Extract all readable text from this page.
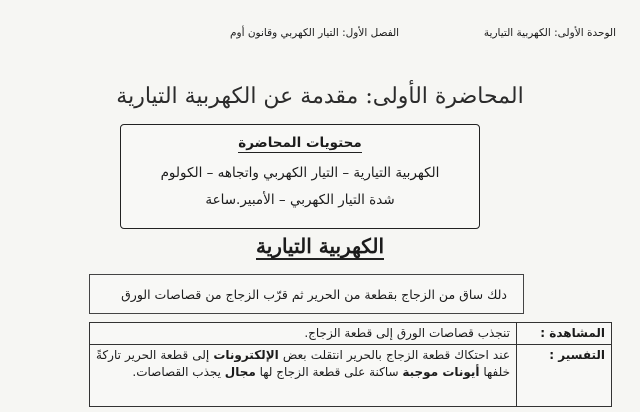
الوحدة الأولى: الكهربية التيارية
الفصل الأول: التيار الكهربي وقانون أوم
المحاضرة الأولى: مقدمة عن الكهربية التيارية
محتويات المحاضرة
الكهربية التيارية – التيار الكهربي واتجاهه – الكولوم
شدة التيار الكهربي – الأمبير.ساعة
الكهربية التيارية
دلك ساق من الزجاج بقطعة من الحرير ثم قرّب الزجاج من قصاصات الورق
المشاهدة :	تنجذب قصاصات الورق إلى قطعة الزجاج.
التفسير :	عند احتكاك قطعة الزجاج بالحرير انتقلت بعض الإلكترونات إلى قطعة الحرير تاركةً خلفها أيونات موجبة ساكنة على قطعة الزجاج لها مجال يجذب القصاصات.
